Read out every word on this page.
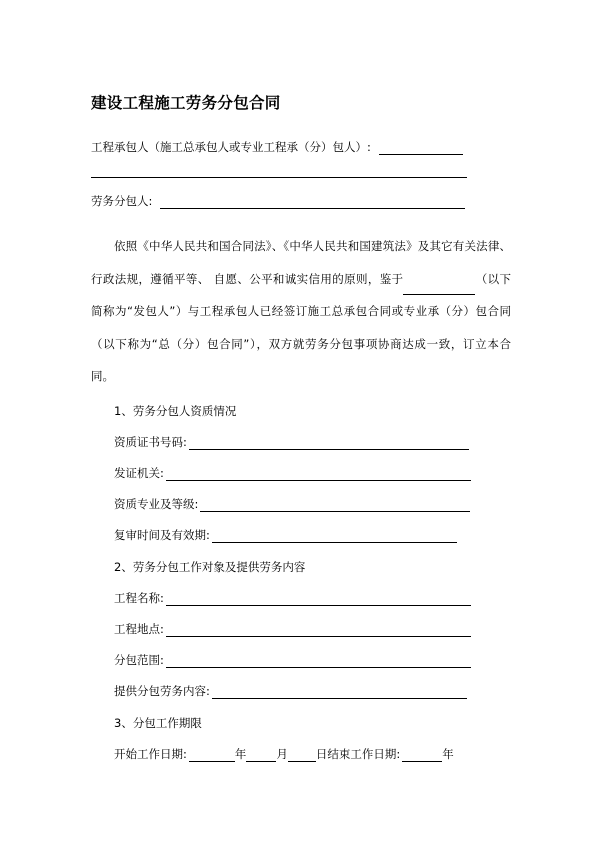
建设工程施工劳务分包合同
工程承包人（施工总承包人或专业工程承（分）包人）:
劳务分包人:

依照《中华人民共和国合同法》、《中华人民共和国建筑法》及其它有关法律、行政法规，遵循平等、 自愿、公平和诚实信用的原则，鉴于	（以下简称为“发包人”）与工程承包人已经签订施工总承包合同或专业承（分）包合同（以下称为“总（分）包合同”），双方就劳务分包事项协商达成一致，订立本合同。

1、劳务分包人资质情况
资质证书号码:
发证机关:
资质专业及等级:
复审时间及有效期:
2、劳务分包工作对象及提供劳务内容
工程名称:
工程地点:
分包范围:
提供分包劳务内容:
3、分包工作期限
开始工作日期:	年	月 日结束工作日期:	年
